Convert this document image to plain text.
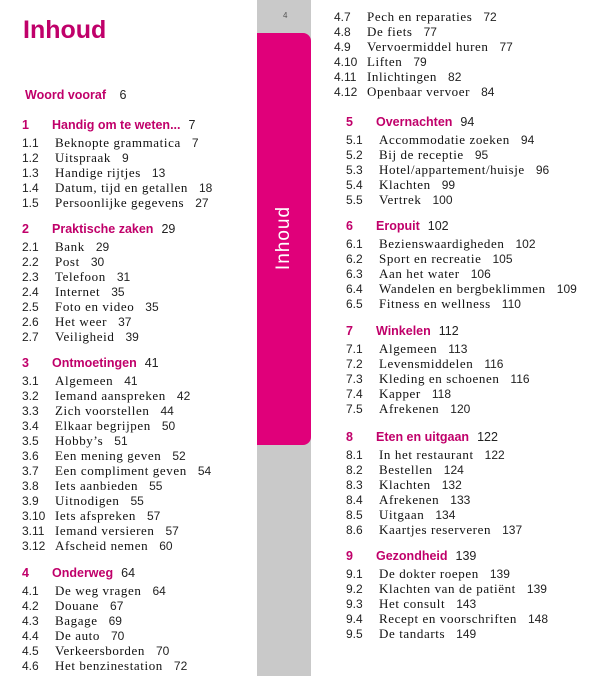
4
Inhoud
Inhoud
Woord vooraf 6
1	Handig om te weten... 7
1.1	Beknopte grammatica 7
1.2	Uitspraak 9
1.3	Handige rijtjes 13
1.4	Datum, tijd en getallen 18
1.5	Persoonlijke gegevens 27
2	Praktische zaken 29
2.1	Bank 29
2.2	Post 30
2.3	Telefoon 31
2.4	Internet 35
2.5	Foto en video 35
2.6	Het weer 37
2.7	Veiligheid 39
3	Ontmoetingen 41
3.1	Algemeen 41
3.2	Iemand aanspreken 42
3.3	Zich voorstellen 44
3.4	Elkaar begrijpen 50
3.5	Hobby’s 51
3.6	Een mening geven 52
3.7	Een compliment geven 54
3.8	Iets aanbieden 55
3.9	Uitnodigen 55
3.10 Iets afspreken 57
3.11 Iemand versieren 57
3.12 Afscheid nemen 60
4	Onderweg 64
4.1	De weg vragen 64
4.2	Douane 67
4.3	Bagage 69
4.4	De auto 70
4.5	Verkeersborden 70
4.6	Het benzinestation 72
4.7	Pech en reparaties 72
4.8	De fiets 77
4.9	Vervoermiddel huren 77
4.10 Liften 79
4.11 Inlichtingen 82
4.12 Openbaar vervoer 84
5	Overnachten 94
5.1	Accommodatie zoeken 94
5.2	Bij de receptie 95
5.3	Hotel/appartement/huisje 96
5.4	Klachten 99
5.5	Vertrek 100
6	Eropuit 102
6.1	Bezienswaardigheden 102
6.2	Sport en recreatie 105
6.3	Aan het water 106
6.4	Wandelen en bergbeklimmen 109
6.5	Fitness en wellness 110
7	Winkelen 112
7.1	Algemeen 113
7.2	Levensmiddelen 116
7.3	Kleding en schoenen 116
7.4	Kapper 118
7.5	Afrekenen 120
8	Eten en uitgaan 122
8.1	In het restaurant 122
8.2	Bestellen 124
8.3	Klachten 132
8.4	Afrekenen 133
8.5	Uitgaan 134
8.6	Kaartjes reserveren 137
9	Gezondheid 139
9.1	De dokter roepen 139
9.2	Klachten van de patiënt 139
9.3	Het consult 143
9.4	Recept en voorschriften 148
9.5	De tandarts 149
